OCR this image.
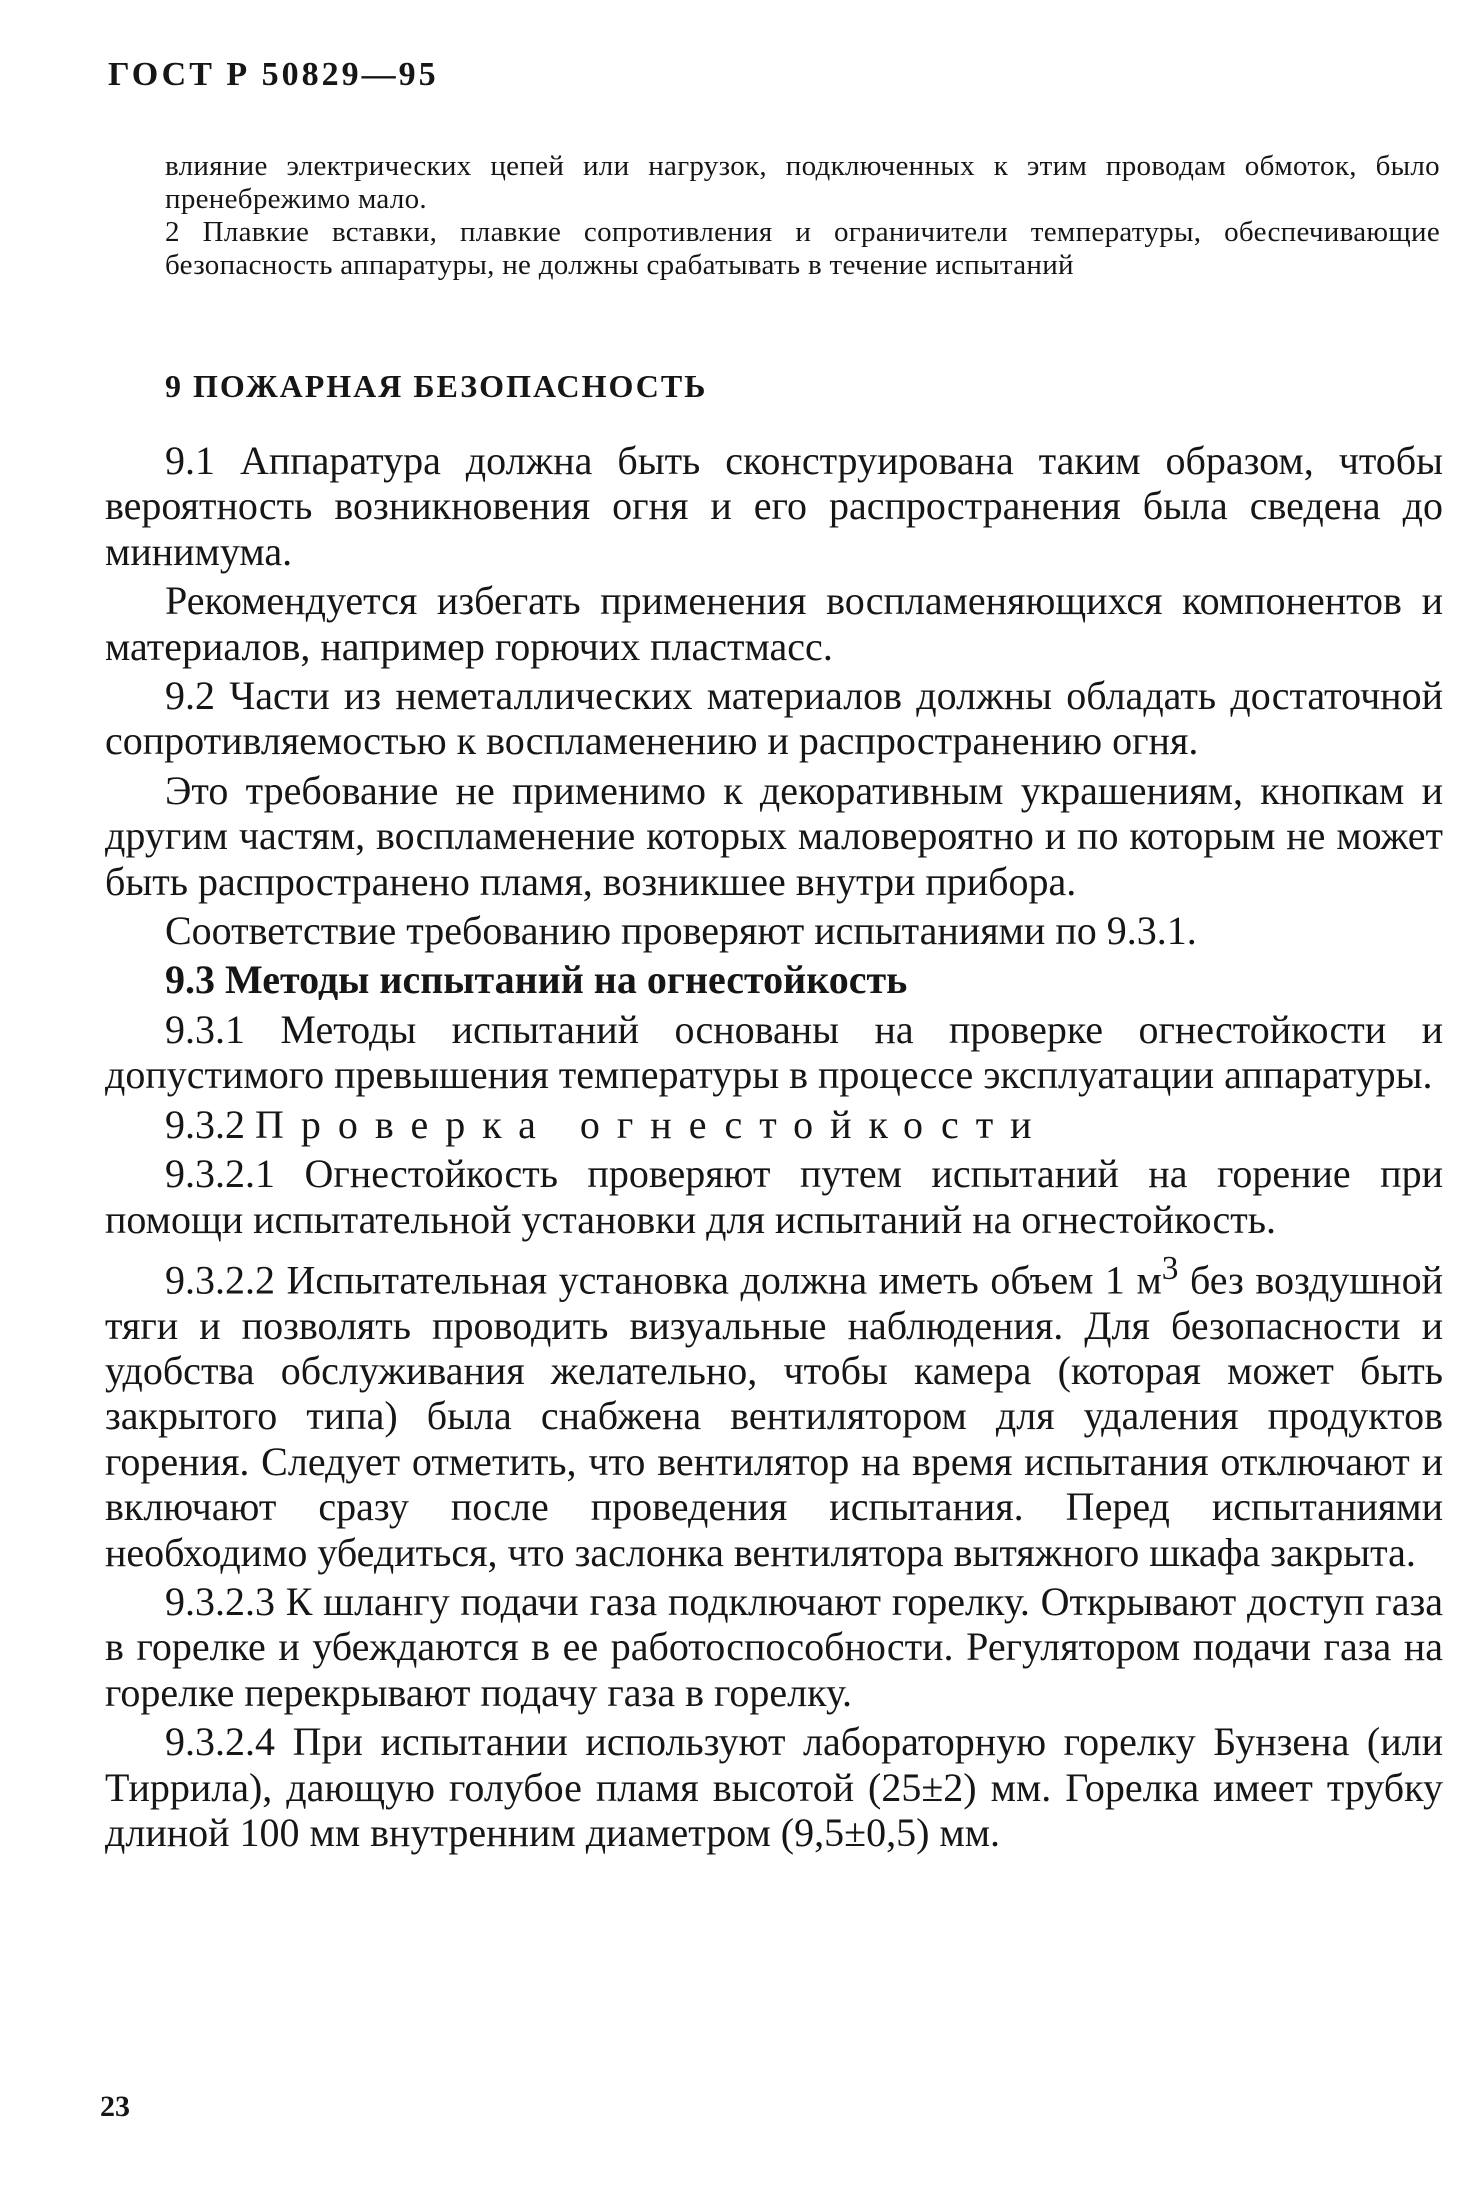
ГОСТ Р 50829—95

влияние электрических цепей или нагрузок, подключенных к этим проводам обмоток, было пренебрежимо мало.

2 Плавкие вставки, плавкие сопротивления и ограничители температуры, обеспечивающие безопасность аппаратуры, не должны срабатывать в течение испытаний

9 ПОЖАРНАЯ БЕЗОПАСНОСТЬ

9.1 Аппаратура должна быть сконструирована таким образом, чтобы вероятность возникновения огня и его распространения была сведена до минимума.

Рекомендуется избегать применения воспламеняющихся компонентов и материалов, например горючих пластмасс.

9.2 Части из неметаллических материалов должны обладать достаточной сопротивляемостью к воспламенению и распространению огня.

Это требование не применимо к декоративным украшениям, кнопкам и другим частям, воспламенение которых маловероятно и по которым не может быть распространено пламя, возникшее внутри прибора.

Соответствие требованию проверяют испытаниями по 9.3.1.

9.3 Методы испытаний на огнестойкость

9.3.1 Методы испытаний основаны на проверке огнестойкости и допустимого превышения температуры в процессе эксплуатации аппаратуры.

9.3.2 Проверка огнестойкости

9.3.2.1 Огнестойкость проверяют путем испытаний на горение при помощи испытательной установки для испытаний на огнестойкость.

9.3.2.2 Испытательная установка должна иметь объем 1 $м^3$ без воздушной тяги и позволять проводить визуальные наблюдения. Для безопасности и удобства обслуживания желательно, чтобы камера (которая может быть закрытого типа) была снабжена вентилятором для удаления продуктов горения. Следует отметить, что вентилятор на время испытания отключают и включают сразу после проведения испытания. Перед испытаниями необходимо убедиться, что заслонка вентилятора вытяжного шкафа закрыта.

9.3.2.3 К шлангу подачи газа подключают горелку. Открывают доступ газа в горелке и убеждаются в ее работоспособности. Регулятором подачи газа на горелке перекрывают подачу газа в горелку.

9.3.2.4 При испытании используют лабораторную горелку Бунзена (или Тиррила), дающую голубое пламя высотой (25±2) мм. Горелка имеет трубку длиной 100 мм внутренним диаметром (9,5±0,5) мм.

23
